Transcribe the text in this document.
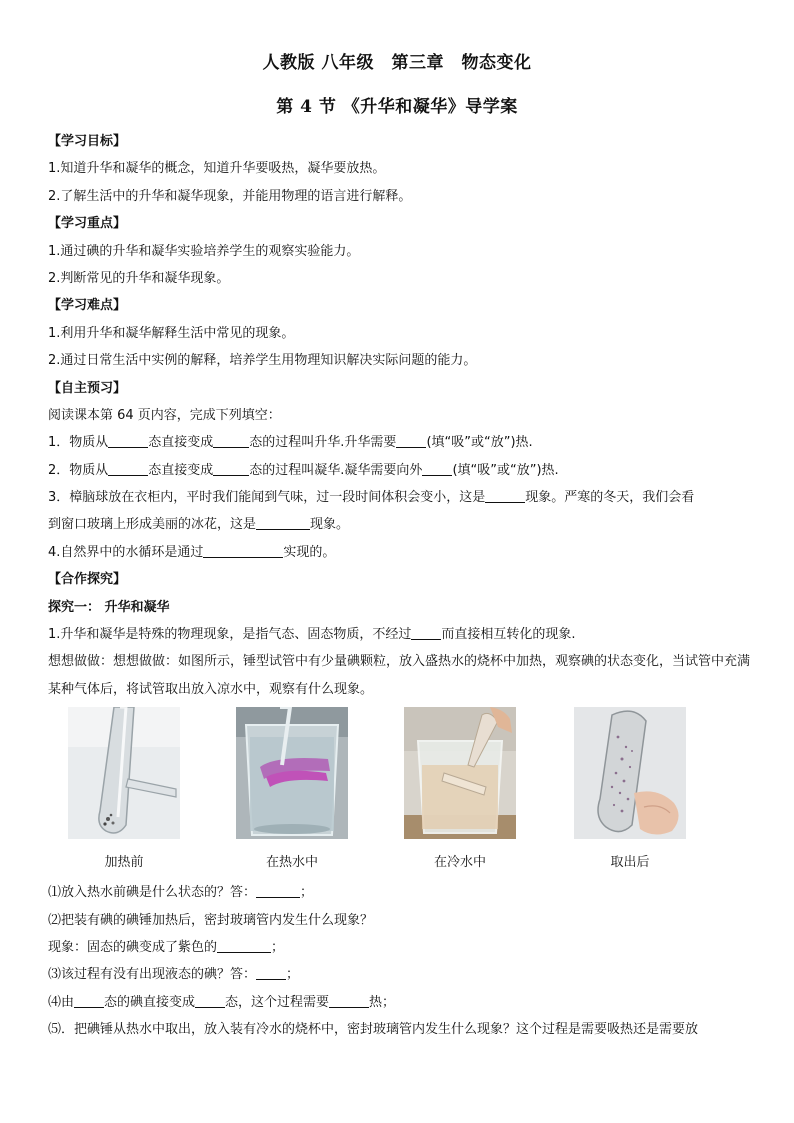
人教版 八年级　第三章　物态变化
第 4 节 《升华和凝华》导学案
【学习目标】
1.知道升华和凝华的概念，知道升华要吸热，凝华要放热。
2.了解生活中的升华和凝华现象，并能用物理的语言进行解释。
【学习重点】
1.通过碘的升华和凝华实验培养学生的观察实验能力。
2.判断常见的升华和凝华现象。
【学习难点】
1.利用升华和凝华解释生活中常见的现象。
2.通过日常生活中实例的解释，培养学生用物理知识解决实际问题的能力。
【自主预习】
阅读课本第 64 页内容，完成下列填空：
1．物质从	态直接变成	态的过程叫升华.升华需要 (填“吸”或“放”)热.
2．物质从	态直接变成	态的过程叫凝华.凝华需要向外 (填“吸”或“放”)热.
3．樟脑球放在衣柜内，平时我们能闻到气味，过一段时间体积会变小，这是	现象。严寒的冬天，我们会看
到窗口玻璃上形成美丽的冰花，这是	现象。
4.自然界中的水循环是通过	实现的。
【合作探究】
探究一： 升华和凝华
1.升华和凝华是特殊的物理现象，是指气态、固态物质，不经过 而直接相互转化的现象.
想想做做：想想做做：如图所示，锤型试管中有少量碘颗粒，放入盛热水的烧杯中加热，观察碘的状态变化，当试管中充满某种气体后，将试管取出放入凉水中，观察有什么现象。
加热前	在热水中	在冷水中	取出后
⑴放入热水前碘是什么状态的？答：	；
⑵把装有碘的碘锤加热后，密封玻璃管内发生什么现象？
现象：固态的碘变成了紫色的	；
⑶该过程有没有出现液态的碘？答： ；
⑷由 态的碘直接变成 态，这个过程需要	热；
⑸．把碘锤从热水中取出，放入装有冷水的烧杯中，密封玻璃管内发生什么现象？这个过程是需要吸热还是需要放
